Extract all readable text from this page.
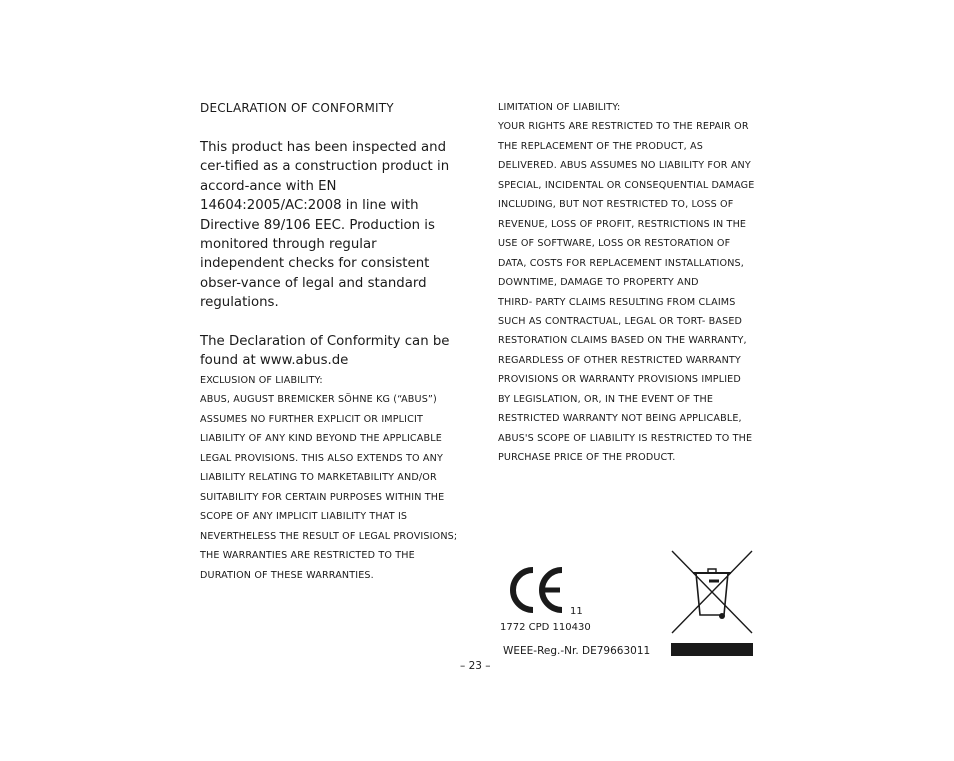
DECLARATION OF CONFORMITY

This product has been inspected and cer-tified as a construction product in accord-ance with EN 14604:2005/AC:2008 in line with Directive 89/106 EEC. Production is monitored through regular independent checks for consistent obser-vance of legal and standard regulations.

The Declaration of Conformity can be found at www.abus.de

EXCLUSION OF LIABILITY:
ABUS, AUGUST BREMICKER SÖHNE KG (“ABUS”)
ASSUMES NO FURTHER EXPLICIT OR IMPLICIT
LIABILITY OF ANY KIND BEYOND THE APPLICABLE
LEGAL PROVISIONS. THIS ALSO EXTENDS TO ANY
LIABILITY RELATING TO MARKETABILITY AND/OR
SUITABILITY FOR CERTAIN PURPOSES WITHIN THE
SCOPE OF ANY IMPLICIT LIABILITY THAT IS
NEVERTHELESS THE RESULT OF LEGAL PROVISIONS;
THE WARRANTIES ARE RESTRICTED TO THE
DURATION OF THESE WARRANTIES.
LIMITATION OF LIABILITY:
YOUR RIGHTS ARE RESTRICTED TO THE REPAIR OR
THE REPLACEMENT OF THE PRODUCT, AS
DELIVERED. ABUS ASSUMES NO LIABILITY FOR ANY
SPECIAL, INCIDENTAL OR CONSEQUENTIAL DAMAGE
INCLUDING, BUT NOT RESTRICTED TO, LOSS OF
REVENUE, LOSS OF PROFIT, RESTRICTIONS IN THE
USE OF SOFTWARE, LOSS OR RESTORATION OF
DATA, COSTS FOR REPLACEMENT INSTALLATIONS,
DOWNTIME, DAMAGE TO PROPERTY AND
THIRD- PARTY CLAIMS RESULTING FROM CLAIMS
SUCH AS CONTRACTUAL, LEGAL OR TORT- BASED
RESTORATION CLAIMS BASED ON THE WARRANTY,
REGARDLESS OF OTHER RESTRICTED WARRANTY
PROVISIONS OR WARRANTY PROVISIONS IMPLIED
BY LEGISLATION, OR, IN THE EVENT OF THE
RESTRICTED WARRANTY NOT BEING APPLICABLE,
ABUS'S SCOPE OF LIABILITY IS RESTRICTED TO THE
PURCHASE PRICE OF THE PRODUCT.
11
1772 CPD 110430
WEEE-Reg.-Nr. DE79663011
– 23 –
